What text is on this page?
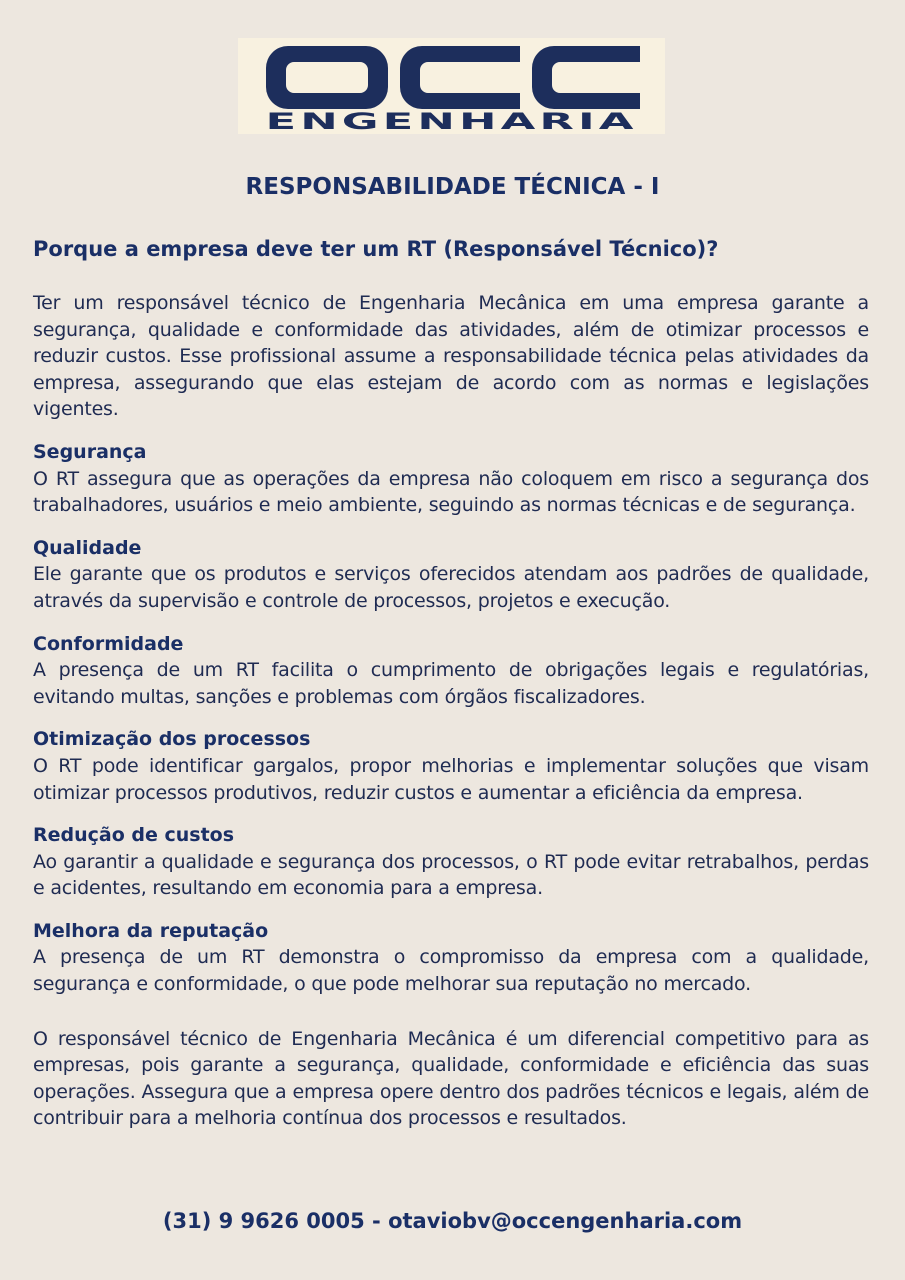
ENGENHARIA
RESPONSABILIDADE TÉCNICA - I
Porque a empresa deve ter um RT (Responsável Técnico)?

Ter um responsável técnico de Engenharia Mecânica em uma empresa garante a segurança, qualidade e conformidade das atividades, além de otimizar processos e reduzir custos. Esse profissional assume a responsabilidade técnica pelas atividades da empresa, assegurando que elas estejam de acordo com as normas e legislações vigentes.

Segurança

O RT assegura que as operações da empresa não coloquem em risco a segurança dos trabalhadores, usuários e meio ambiente, seguindo as normas técnicas e de segurança.

Qualidade

Ele garante que os produtos e serviços oferecidos atendam aos padrões de qualidade, através da supervisão e controle de processos, projetos e execução.

Conformidade

A presença de um RT facilita o cumprimento de obrigações legais e regulatórias, evitando multas, sanções e problemas com órgãos fiscalizadores.

Otimização dos processos

O RT pode identificar gargalos, propor melhorias e implementar soluções que visam otimizar processos produtivos, reduzir custos e aumentar a eficiência da empresa.

Redução de custos

Ao garantir a qualidade e segurança dos processos, o RT pode evitar retrabalhos, perdas e acidentes, resultando em economia para a empresa.

Melhora da reputação

A presença de um RT demonstra o compromisso da empresa com a qualidade, segurança e conformidade, o que pode melhorar sua reputação no mercado.

O responsável técnico de Engenharia Mecânica é um diferencial competitivo para as empresas, pois garante a segurança, qualidade, conformidade e eficiência das suas operações. Assegura que a empresa opere dentro dos padrões técnicos e legais, além de contribuir para a melhoria contínua dos processos e resultados.

(31) 9 9626 0005 - otaviobv@occengenharia.com
